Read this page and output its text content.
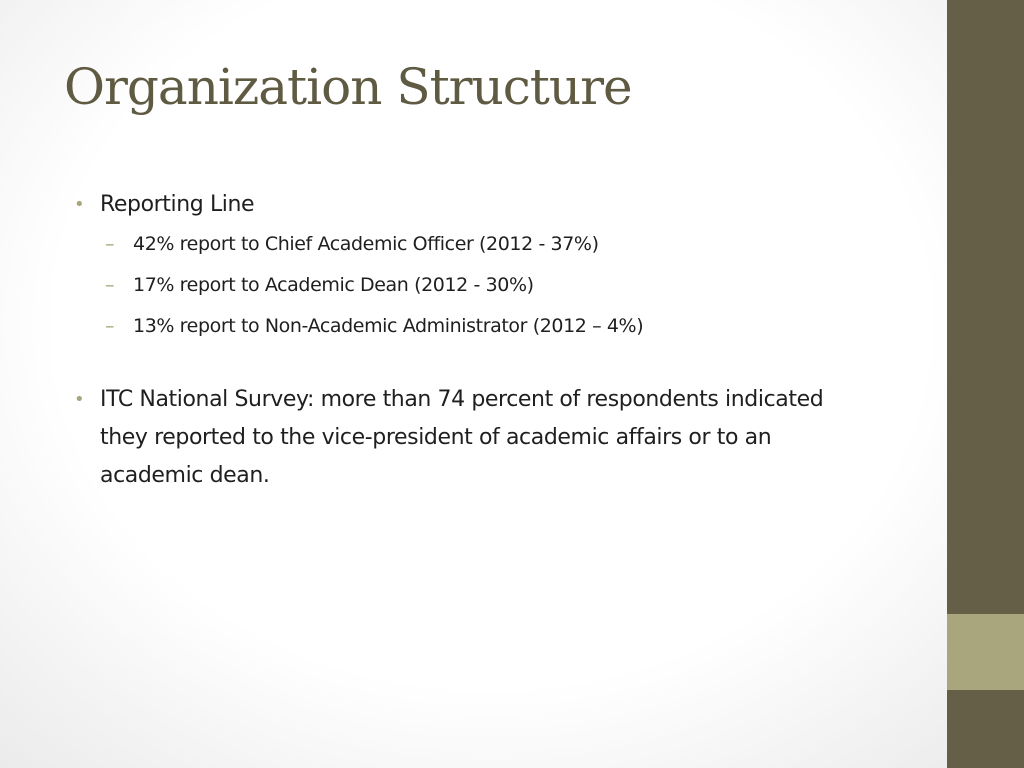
Organization Structure
• Reporting Line
– 42% report to Chief Academic Officer (2012 - 37%)
– 17% report to Academic Dean (2012 - 30%)
– 13% report to Non-Academic Administrator (2012 – 4%)
• ITC National Survey: more than 74 percent of respondents indicated they reported to the vice-president of academic affairs or to an academic dean.
